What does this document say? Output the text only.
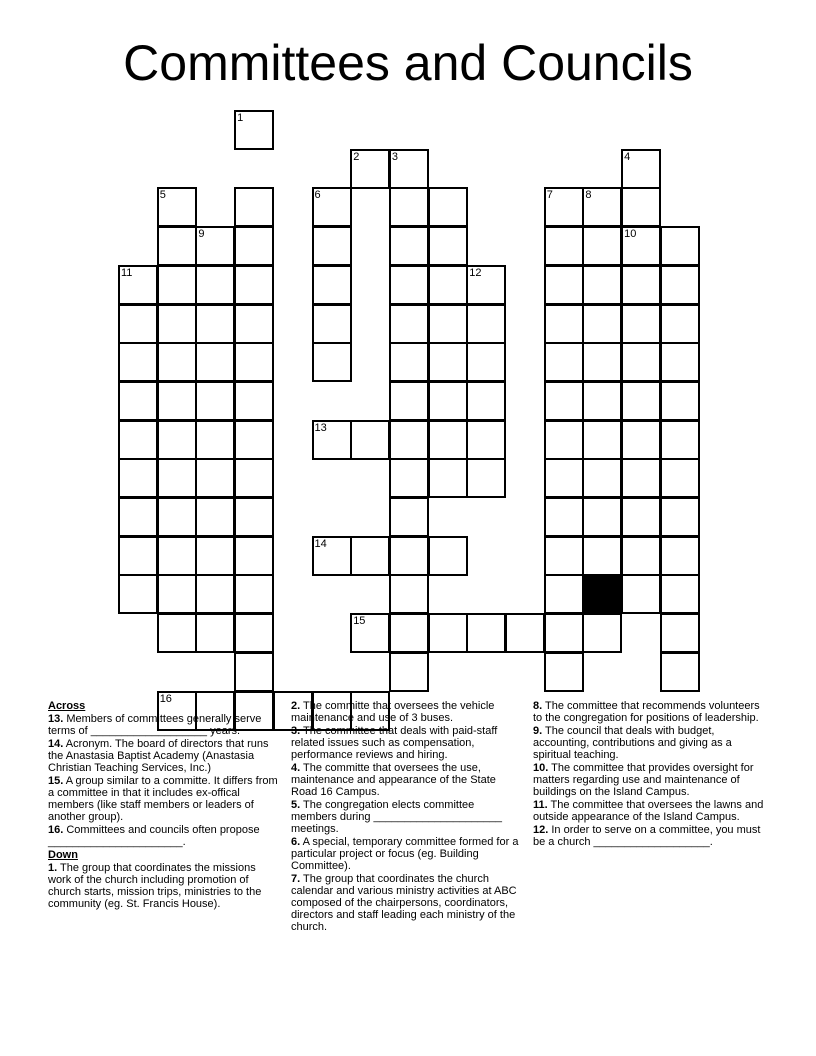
Committees and Councils
1
2	3	4
5	6	7	8
9	10
11	12
13
14
15
16

Across

13. Members of committees generally serve terms of ___________________ years.

14. Acronym. The board of directors that runs the Anastasia Baptist Academy (Anastasia Christian Teaching Services, Inc.)

15. A group similar to a committe. It differs from a committee in that it includes ex-offical members (like staff members or leaders of another group).

16. Committees and councils often propose ______________________.

Down

1. The group that coordinates the missions work of the church including promotion of church starts, mission trips, ministries to the community (eg. St. Francis House).

2. The committe that oversees the vehicle maintenance and use of 3 buses.

3. The committee that deals with paid-staff related issues such as compensation, performance reviews and hiring.

4. The committe that oversees the use, maintenance and appearance of the State Road 16 Campus.

5. The congregation elects committee members during _____________________ meetings.

6. A special, temporary committee formed for a particular project or focus (eg. Building Committee).

7. The group that coordinates the church calendar and various ministry activities at ABC composed of the chairpersons, coordinators, directors and staff leading each ministry of the church.

8. The committee that recommends volunteers to the congregation for positions of leadership.

9. The council that deals with budget, accounting, contributions and giving as a spiritual teaching.

10. The committee that provides oversight for matters regarding use and maintenance of buildings on the Island Campus.

11. The committee that oversees the lawns and outside appearance of the Island Campus.

12. In order to serve on a committee, you must be a church ___________________.
